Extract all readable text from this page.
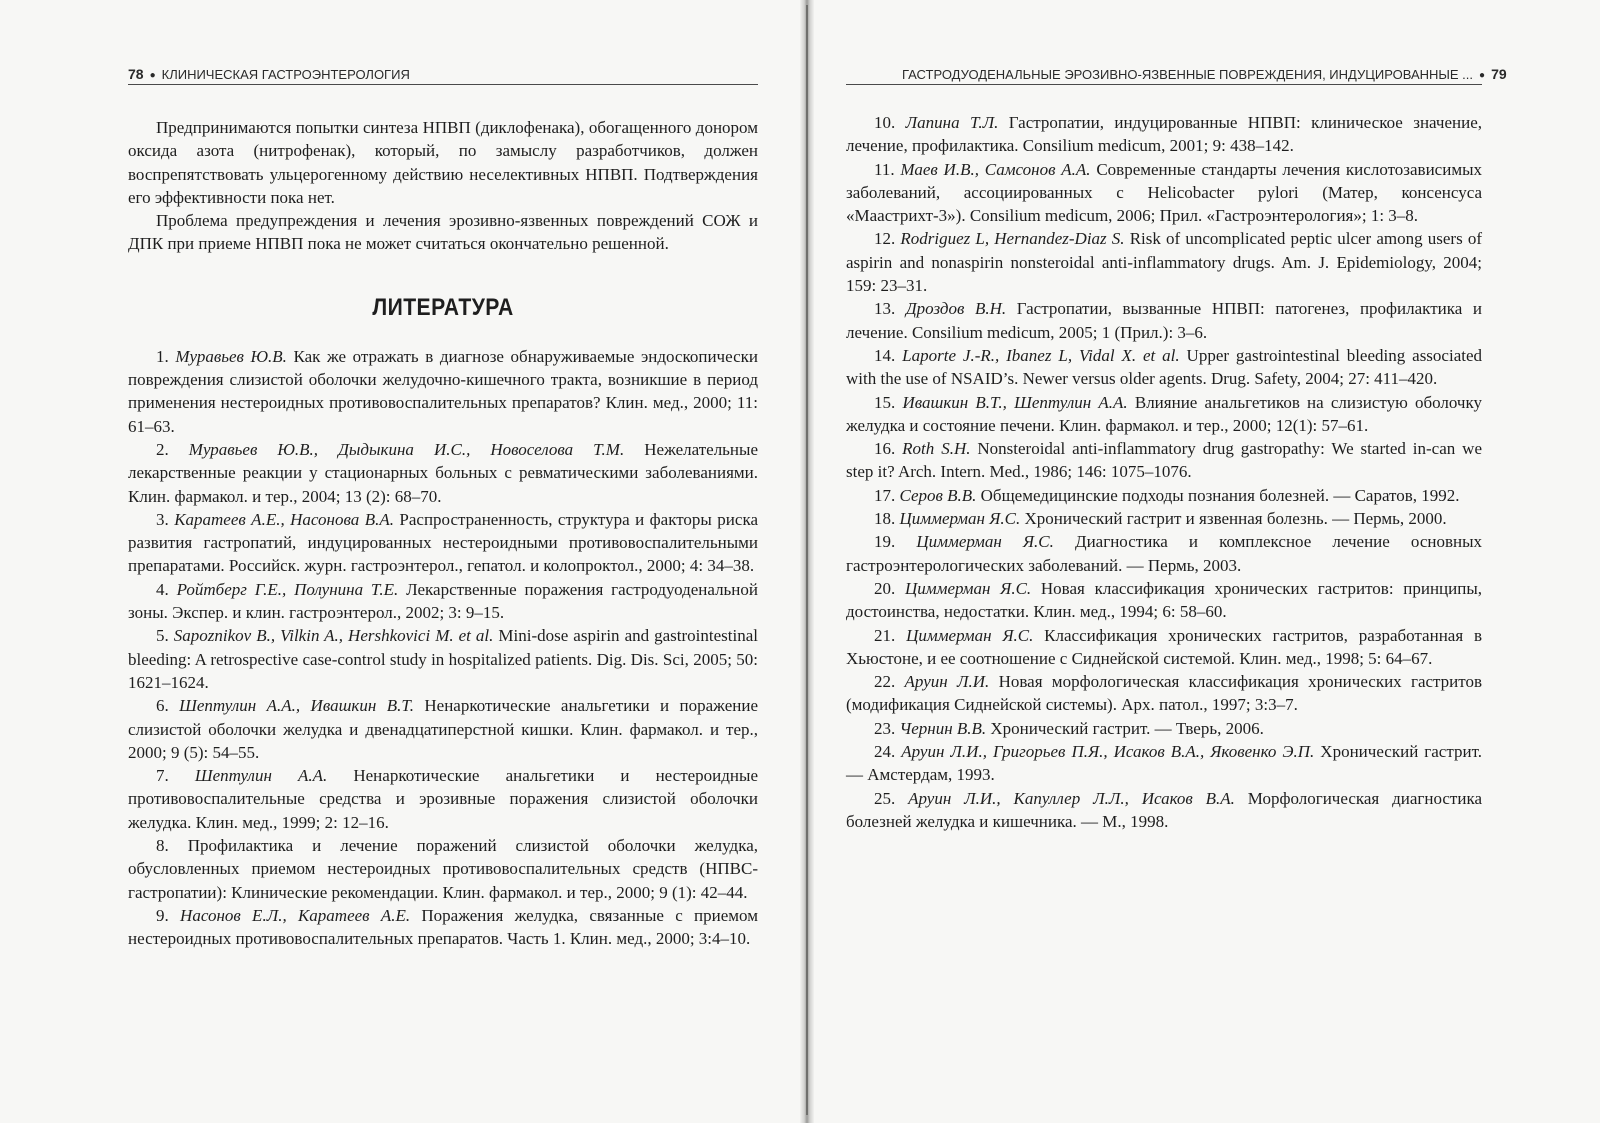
78 ● КЛИНИЧЕСКАЯ ГАСТРОЭНТЕРОЛОГИЯ

Предпринимаются попытки синтеза НПВП (диклофенака), обогащенного донором оксида азота (нитрофенак), который, по замыслу разработчиков, должен воспрепятствовать ульцерогенному действию неселективных НПВП. Подтверждения его эффективности пока нет.

Проблема предупреждения и лечения эрозивно-язвенных повреждений СОЖ и ДПК при приеме НПВП пока не может считаться окончательно решенной.

ЛИТЕРАТУРА

1. Муравьев Ю.В. Как же отражать в диагнозе обнаруживаемые эндоскопически повреждения слизистой оболочки желудочно-кишечного тракта, возникшие в период применения нестероидных противовоспалительных препаратов? Клин. мед., 2000; 11: 61–63.

2. Муравьев Ю.В., Дыдыкина И.С., Новоселова Т.М. Нежелательные лекарственные реакции у стационарных больных с ревматическими заболеваниями. Клин. фармакол. и тер., 2004; 13 (2): 68–70.

3. Каратеев А.Е., Насонова В.А. Распространенность, структура и факторы риска развития гастропатий, индуцированных нестероидными противовоспалительными препаратами. Российск. журн. гастроэнтерол., гепатол. и колопроктол., 2000; 4: 34–38.

4. Ройтберг Г.Е., Полунина Т.Е. Лекарственные поражения гастродуоденальной зоны. Экспер. и клин. гастроэнтерол., 2002; 3: 9–15.

5. Sapoznikov B., Vilkin A., Hershkovici M. et al. Mini-dose aspirin and gastrointestinal bleeding: A retrospective case-control study in hospitalized patients. Dig. Dis. Sci, 2005; 50: 1621–1624.

6. Шептулин А.А., Ивашкин В.Т. Ненаркотические анальгетики и поражение слизистой оболочки желудка и двенадцатиперстной кишки. Клин. фармакол. и тер., 2000; 9 (5): 54–55.

7. Шептулин А.А. Ненаркотические анальгетики и нестероидные противовоспалительные средства и эрозивные поражения слизистой оболочки желудка. Клин. мед., 1999; 2: 12–16.

8. Профилактика и лечение поражений слизистой оболочки желудка, обусловленных приемом нестероидных противовоспалительных средств (НПВС-гастропатии): Клинические рекомендации. Клин. фармакол. и тер., 2000; 9 (1): 42–44.

9. Насонов Е.Л., Каратеев А.Е. Поражения желудка, связанные с приемом нестероидных противовоспалительных препаратов. Часть 1. Клин. мед., 2000; 3:4–10.

ГАСТРОДУОДЕНАЛЬНЫЕ ЭРОЗИВНО-ЯЗВЕННЫЕ ПОВРЕЖДЕНИЯ, ИНДУЦИРОВАННЫЕ ... ● 79

10. Лапина Т.Л. Гастропатии, индуцированные НПВП: клиническое значение, лечение, профилактика. Consilium medicum, 2001; 9: 438–142.

11. Маев И.В., Самсонов А.А. Современные стандарты лечения кислотозависимых заболеваний, ассоциированных с Helicobacter pylori (Матер, консенсуса «Маастрихт-3»). Consilium medicum, 2006; Прил. «Гастроэнтерология»; 1: 3–8.

12. Rodriguez L, Hernandez-Diaz S. Risk of uncomplicated peptic ulcer among users of aspirin and nonaspirin nonsteroidal anti-inflammatory drugs. Am. J. Epidemiology, 2004; 159: 23–31.

13. Дроздов В.Н. Гастропатии, вызванные НПВП: патогенез, профилактика и лечение. Consilium medicum, 2005; 1 (Прил.): 3–6.

14. Laporte J.-R., Ibanez L, Vidal X. et al. Upper gastrointestinal bleeding associated with the use of NSAID’s. Newer versus older agents. Drug. Safety, 2004; 27: 411–420.

15. Ивашкин В.Т., Шептулин А.А. Влияние анальгетиков на слизистую оболочку желудка и состояние печени. Клин. фармакол. и тер., 2000; 12(1): 57–61.

16. Roth S.H. Nonsteroidal anti-inflammatory drug gastropathy: We started in-can we step it? Arch. Intern. Med., 1986; 146: 1075–1076.

17. Серов В.В. Общемедицинские подходы познания болезней. — Саратов, 1992.

18. Циммерман Я.С. Хронический гастрит и язвенная болезнь. — Пермь, 2000.

19. Циммерман Я.С. Диагностика и комплексное лечение основных гастроэнтерологических заболеваний. — Пермь, 2003.

20. Циммерман Я.С. Новая классификация хронических гастритов: принципы, достоинства, недостатки. Клин. мед., 1994; 6: 58–60.

21. Циммерман Я.С. Классификация хронических гастритов, разработанная в Хьюстоне, и ее соотношение с Сиднейской системой. Клин. мед., 1998; 5: 64–67.

22. Аруин Л.И. Новая морфологическая классификация хронических гастритов (модификация Сиднейской системы). Арх. патол., 1997; 3:3–7.

23. Чернин В.В. Хронический гастрит. — Тверь, 2006.

24. Аруин Л.И., Григорьев П.Я., Исаков В.А., Яковенко Э.П. Хронический гастрит. — Амстердам, 1993.

25. Аруин Л.И., Капуллер Л.Л., Исаков В.А. Морфологическая диагностика болезней желудка и кишечника. — М., 1998.
